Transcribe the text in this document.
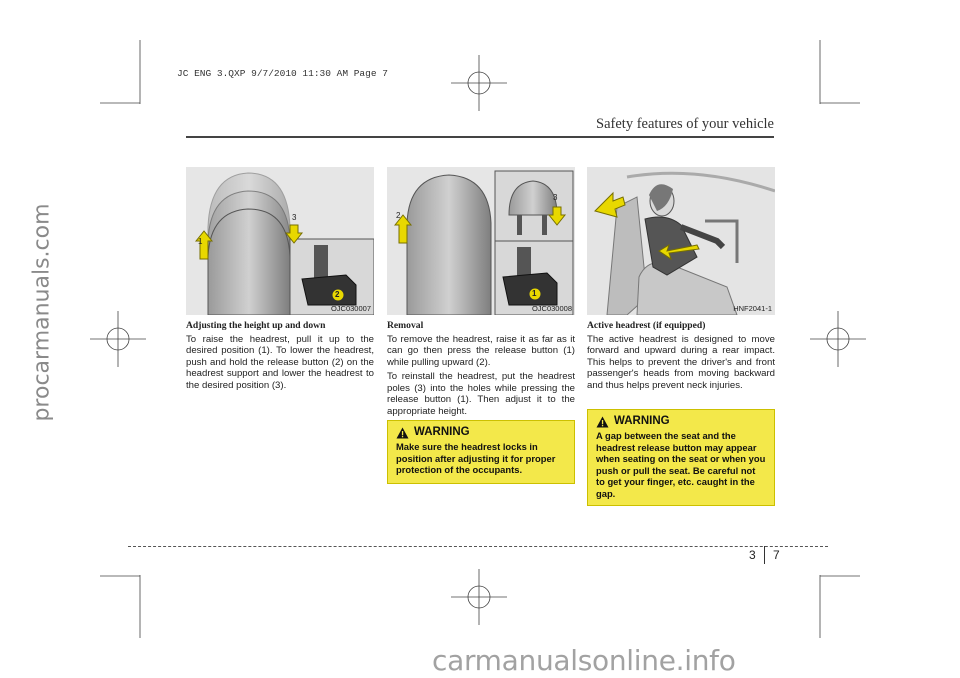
procarmanuals.com
carmanualsonline.info
JC ENG 3.QXP 9/7/2010 11:30 AM Page 7
Safety features of your vehicle
1
2
3
OJC030007
2
1
3
OJC030008	HNF2041-1
Adjusting the height up and down

To raise the headrest, pull it up to the desired position (1). To lower the headrest, push and hold the release button (2) on the headrest support and lower the headrest to the desired position (3).

Removal

To remove the headrest, raise it as far as it can go then press the release button (1) while pulling upward (2).

To reinstall the headrest, put the headrest poles (3) into the holes while pressing the release button (1). Then adjust it to the appropriate height.

WARNING
Make sure the headrest locks in position after adjusting it for proper protection of the occupants.
Active headrest (if equipped)

The active headrest is designed to move forward and upward during a rear impact. This helps to prevent the driver's and front passenger's heads from moving backward and thus helps prevent neck injuries.

WARNING
A gap between the seat and the headrest release button may appear when seating on the seat or when you push or pull the seat. Be careful not to get your finger, etc. caught in the gap.
3 7
